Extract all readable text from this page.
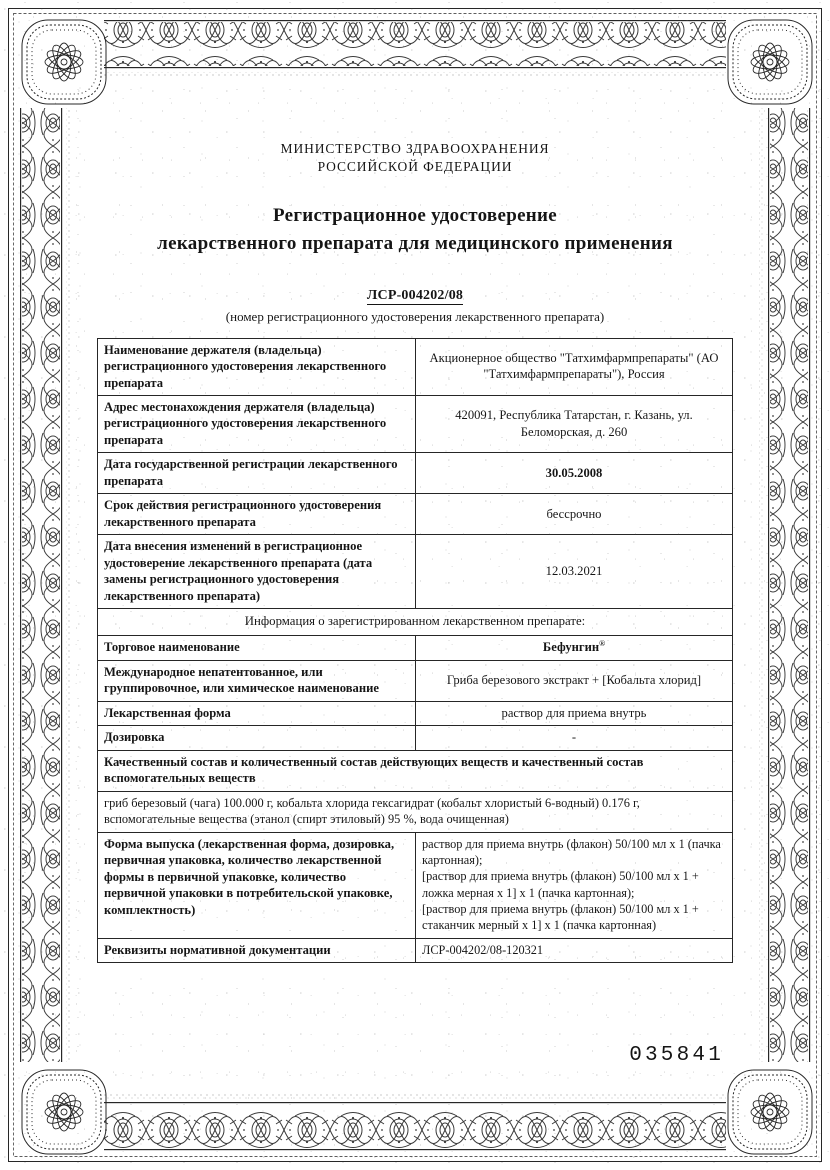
МИНИСТЕРСТВО ЗДРАВООХРАНЕНИЯ
РОССИЙСКОЙ ФЕДЕРАЦИИ
Регистрационное удостоверение
лекарственного препарата для медицинского применения
ЛСР-004202/08
(номер регистрационного удостоверения лекарственного препарата)
Наименование держателя (владельца) регистрационного удостоверения лекарственного препарата	Акционерное общество "Татхимфармпрепараты" (АО "Татхимфармпрепараты"), Россия
Адрес местонахождения держателя (владельца) регистрационного удостоверения лекарственного препарата	420091, Республика Татарстан, г. Казань, ул. Беломорская, д. 260
Дата государственной регистрации лекарственного препарата	30.05.2008
Срок действия регистрационного удостоверения лекарственного препарата	бессрочно
Дата внесения изменений в регистрационное удостоверение лекарственного препарата (дата замены регистрационного удостоверения лекарственного препарата)	12.03.2021
Информация о зарегистрированном лекарственном препарате:	
Торговое наименование	Бефунгин®
Международное непатентованное, или группировочное, или химическое наименование	Гриба березового экстракт + [Кобальта хлорид]
Лекарственная форма	раствор для приема внутрь
Дозировка	-
Качественный состав и количественный состав действующих веществ и качественный состав вспомогательных веществ	
гриб березовый (чага) 100.000 г, кобальта хлорида гексагидрат (кобальт хлористый 6-водный) 0.176 г, вспомогательные вещества (этанол (спирт этиловый) 95 %, вода очищенная)	
Форма выпуска (лекарственная форма, дозировка, первичная упаковка, количество лекарственной формы в первичной упаковке, количество первичной упаковки в потребительской упаковке, комплектность)	раствор для приема внутрь (флакон) 50/100 мл х 1 (пачка картонная);
[раствор для приема внутрь (флакон) 50/100 мл х 1 + ложка мерная х 1] х 1 (пачка картонная);
[раствор для приема внутрь (флакон) 50/100 мл х 1 + стаканчик мерный х 1] х 1 (пачка картонная)

Реквизиты нормативной документации	ЛСР-004202/08-120321
035841
